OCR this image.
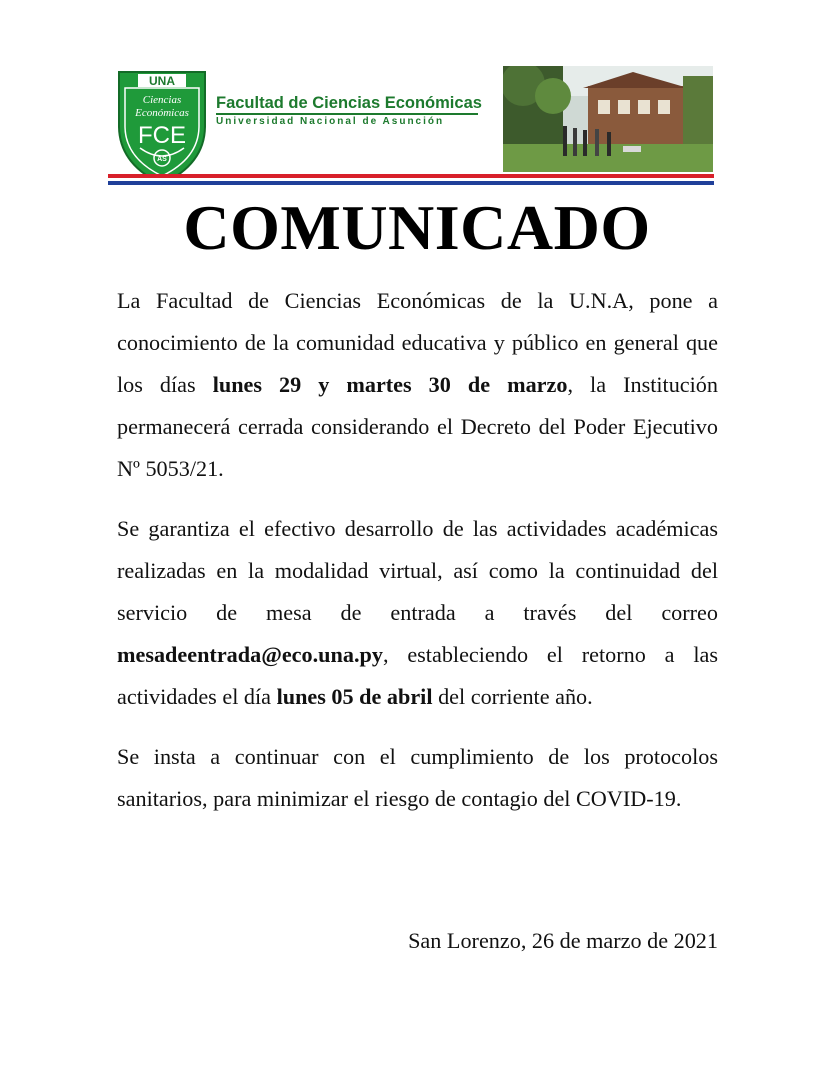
UNA
Ciencias
Económicas
FCE
AS
Facultad de Ciencias Económicas
Universidad Nacional de Asunción
COMUNICADO

La Facultad de Ciencias Económicas de la U.N.A, pone a conocimiento de la comunidad educativa y público en general que los días lunes 29 y martes 30 de marzo, la Institución permanecerá cerrada considerando el Decreto del Poder Ejecutivo Nº 5053/21.

Se garantiza el efectivo desarrollo de las actividades académicas realizadas en la modalidad virtual, así como la continuidad del servicio de mesa de entrada a través del correo mesadeentrada@eco.una.py, estableciendo el retorno a las actividades el día lunes 05 de abril del corriente año.

Se insta a continuar con el cumplimiento de los protocolos sanitarios, para minimizar el riesgo de contagio del COVID-19.

San Lorenzo, 26 de marzo de 2021
